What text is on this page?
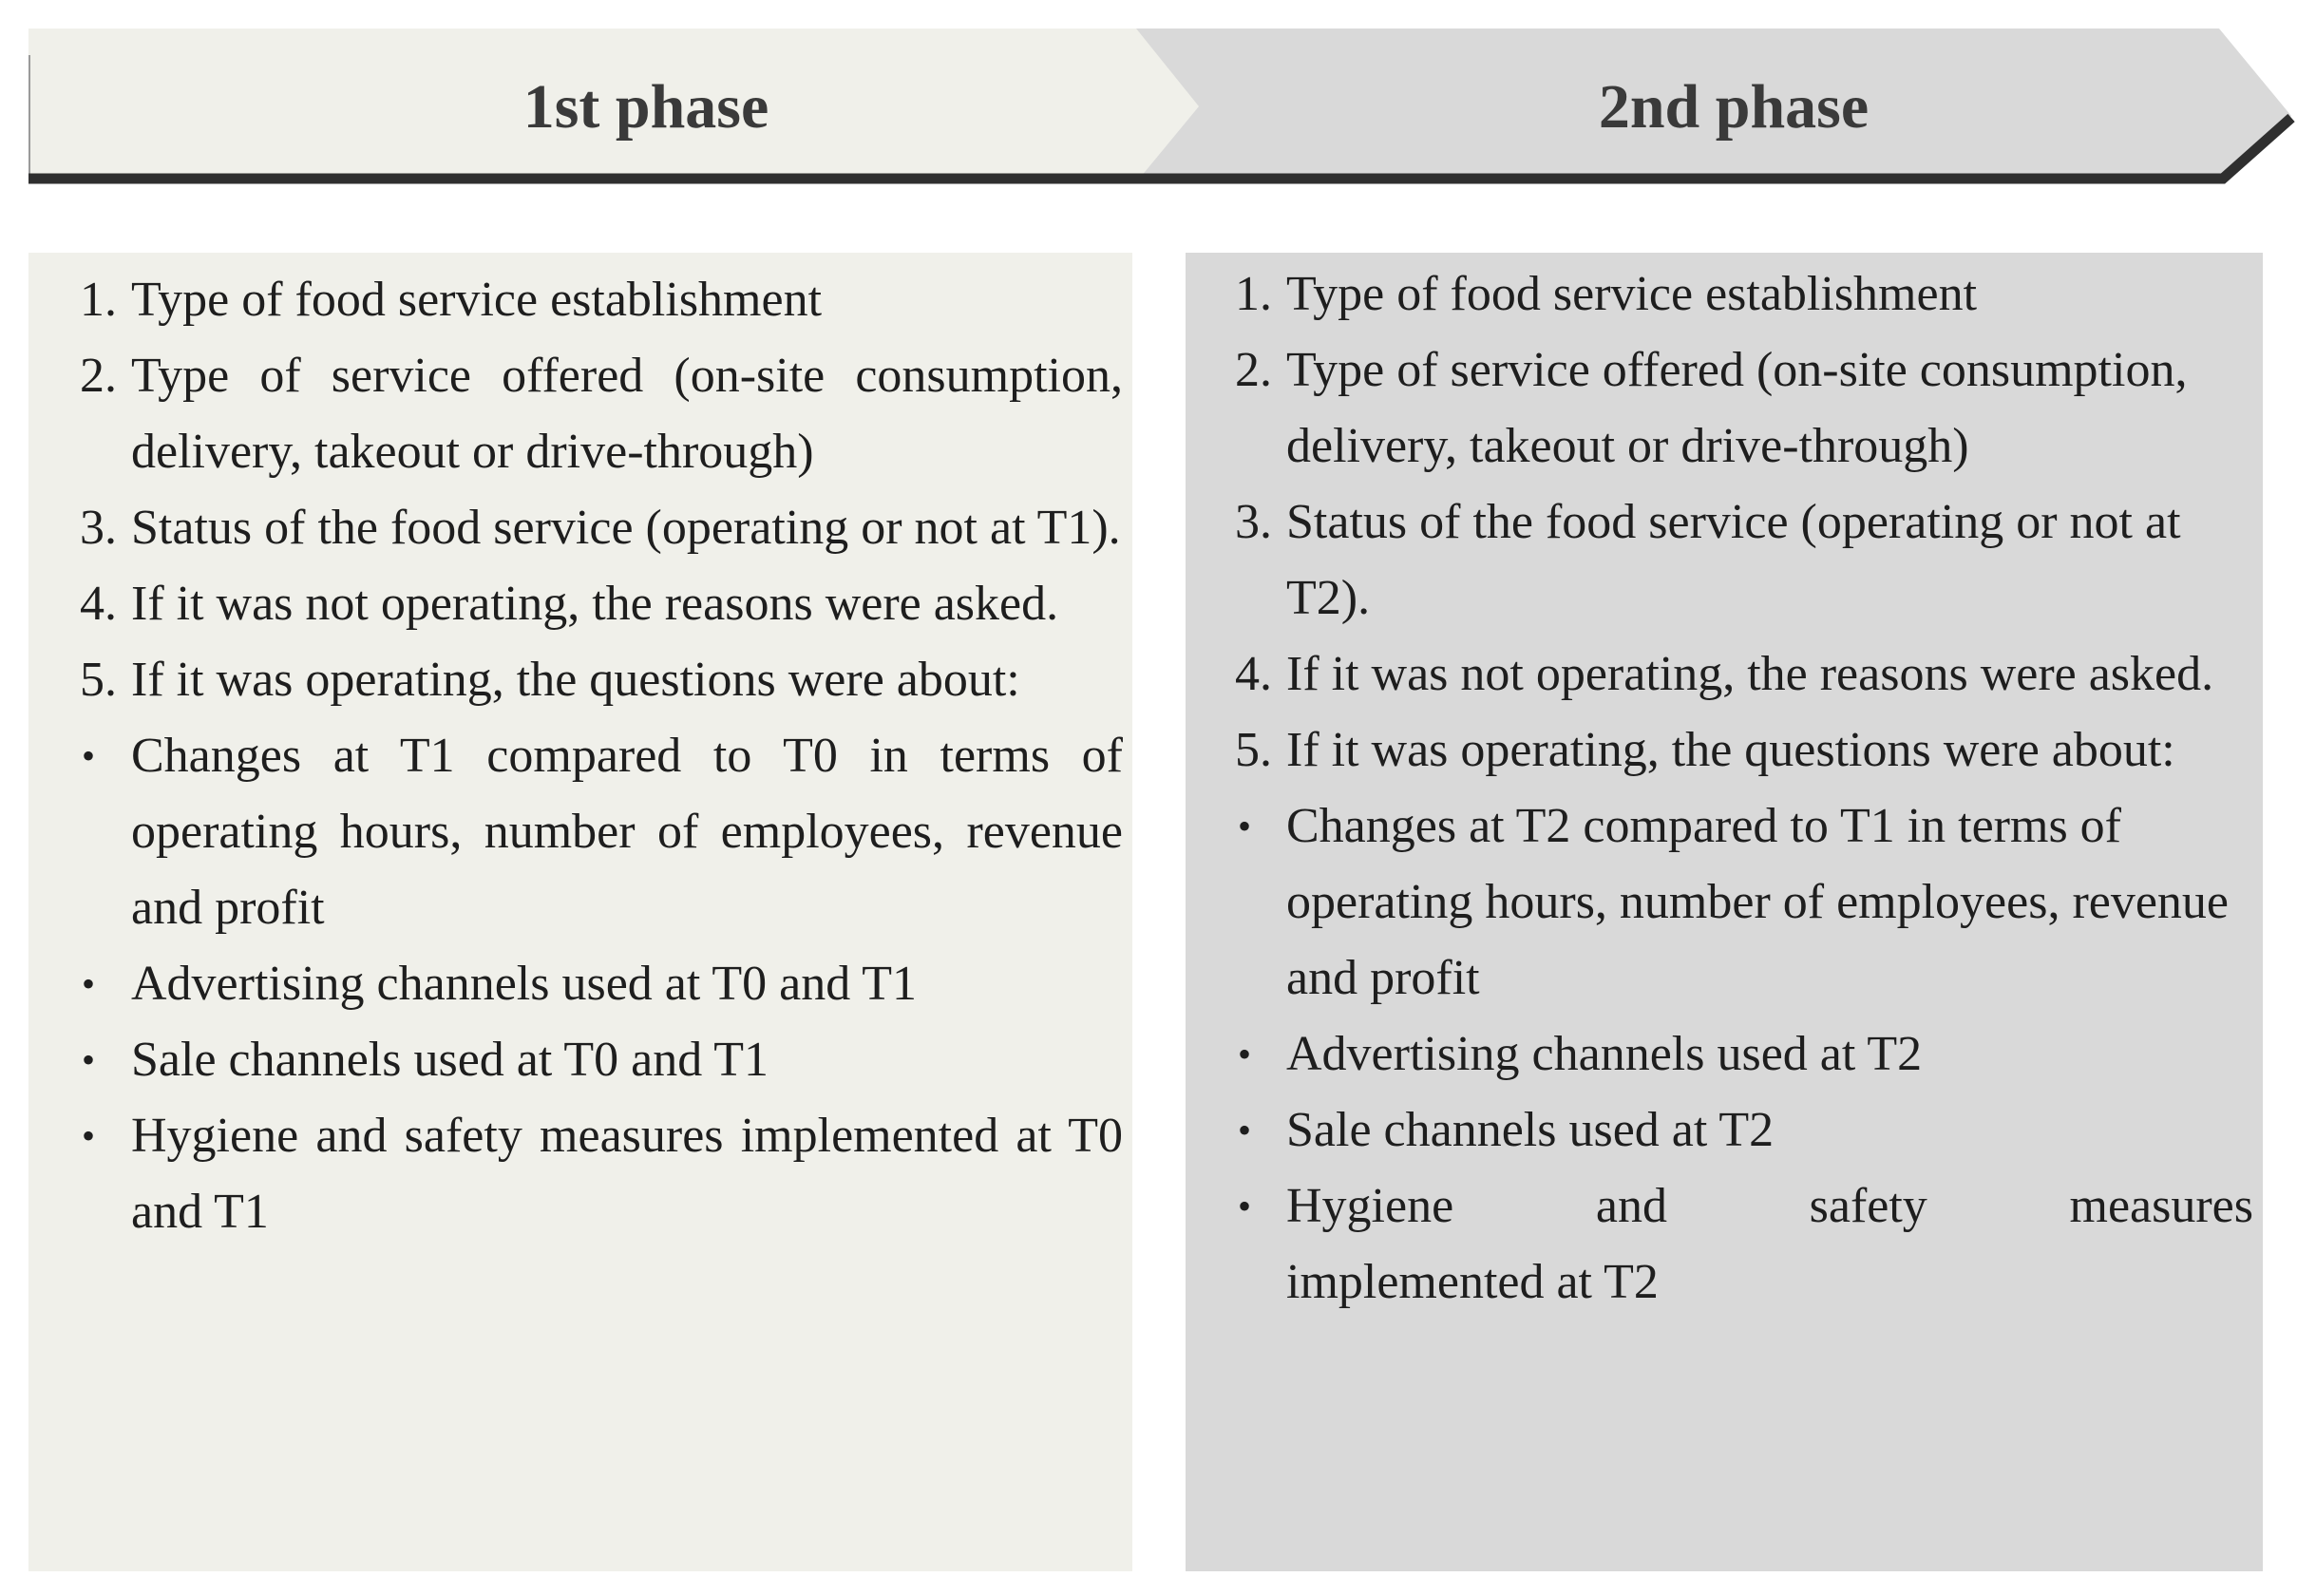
1st phase	2nd phase
1. Type of food service establishment
2. Type of service offered (on-site consumption, delivery, takeout or drive-through)
3. Status of the food service (operating or not at T1).
4. If it was not operating, the reasons were asked.
5. If it was operating, the questions were about:
• Changes at T1 compared to T0 in terms of operating hours, number of employees, revenue and profit
• Advertising channels used at T0 and T1
• Sale channels used at T0 and T1
• Hygiene and safety measures implemented at T0 and T1
1. Type of food service establishment
2. Type of service offered (on-site consumption, delivery, takeout or drive-through)
3. Status of the food service (operating or not at T2).
4. If it was not operating, the reasons were asked.
5. If it was operating, the questions were about:
• Changes at T2 compared to T1 in terms of operating hours, number of employees, revenue and profit
• Advertising channels used at T2
• Sale channels used at T2
• Hygiene and safety measures
implemented at T2
